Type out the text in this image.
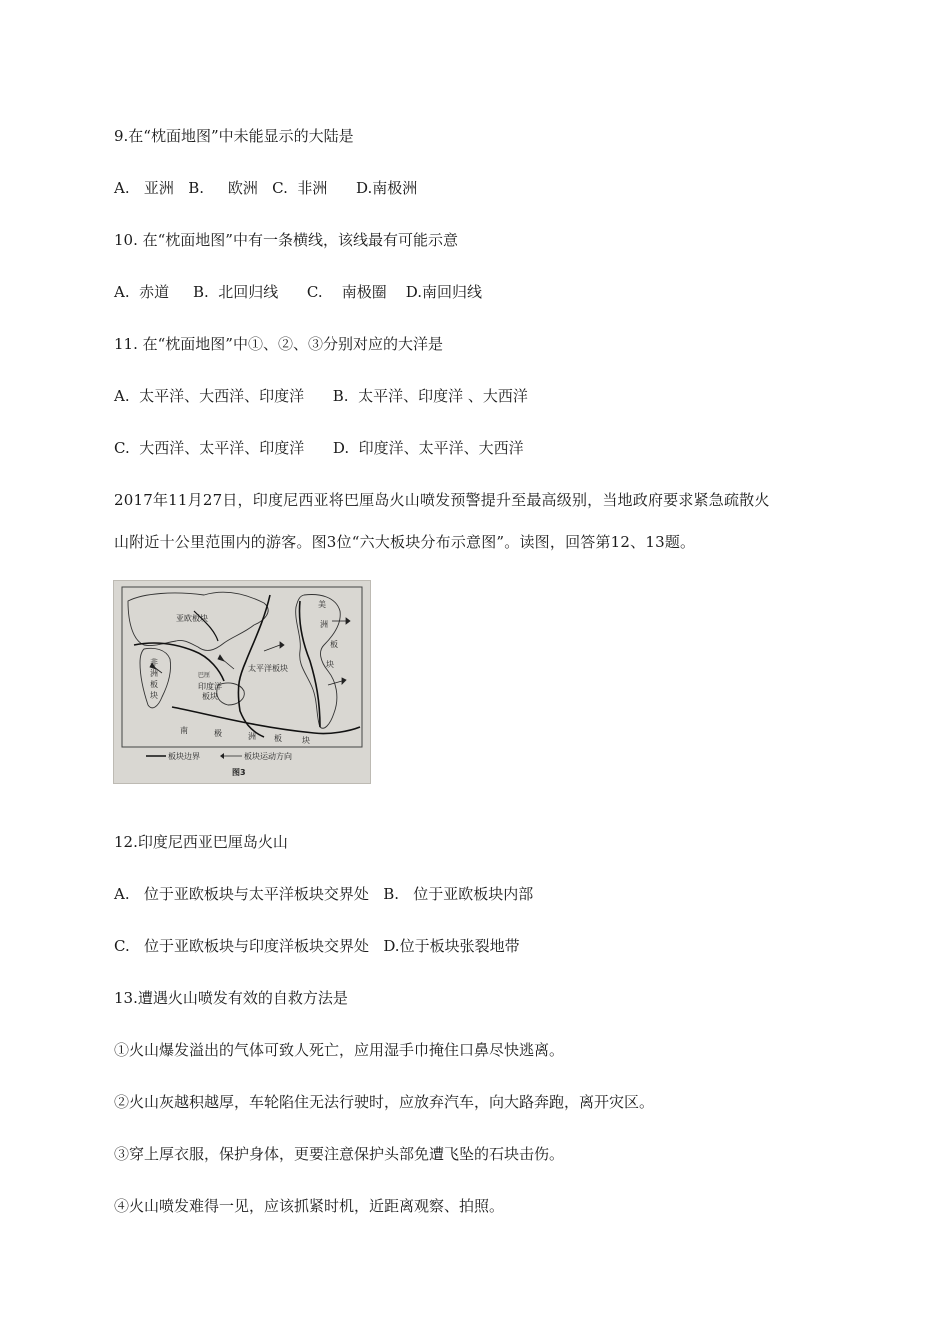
9.在“枕面地图”中未能显示的大陆是
A.   亚洲   B.     欧洲   C.  非洲      D.南极洲
10. 在“枕面地图”中有一条横线，该线最有可能示意
A.  赤道     B.  北回归线      C.    南极圈    D.南回归线
11. 在“枕面地图”中①、②、③分别对应的大洋是
A.  太平洋、大西洋、印度洋      B.  太平洋、印度洋 、大西洋
C.  大西洋、太平洋、印度洋      D.  印度洋、太平洋、大西洋
2017年11月27日，印度尼西亚将巴厘岛火山喷发预警提升至最高级别，当地政府要求紧急疏散火
山附近十公里范围内的游客。图3位“六大板块分布示意图”。读图，回答第12、13题。
亚欧板块
非
洲
板
块
印度洋
板块
巴厘
太平洋板块
美
洲
板
块
南	极	洲 板	块
板块边界	板块运动方向
图3
12.印度尼西亚巴厘岛火山
A.   位于亚欧板块与太平洋板块交界处   B.   位于亚欧板块内部
C.   位于亚欧板块与印度洋板块交界处   D.位于板块张裂地带
13.遭遇火山喷发有效的自救方法是
①火山爆发溢出的气体可致人死亡，应用湿手巾掩住口鼻尽快逃离。
②火山灰越积越厚，车轮陷住无法行驶时，应放弃汽车，向大路奔跑，离开灾区。
③穿上厚衣服，保护身体，更要注意保护头部免遭飞坠的石块击伤。
④火山喷发难得一见，应该抓紧时机，近距离观察、拍照。
